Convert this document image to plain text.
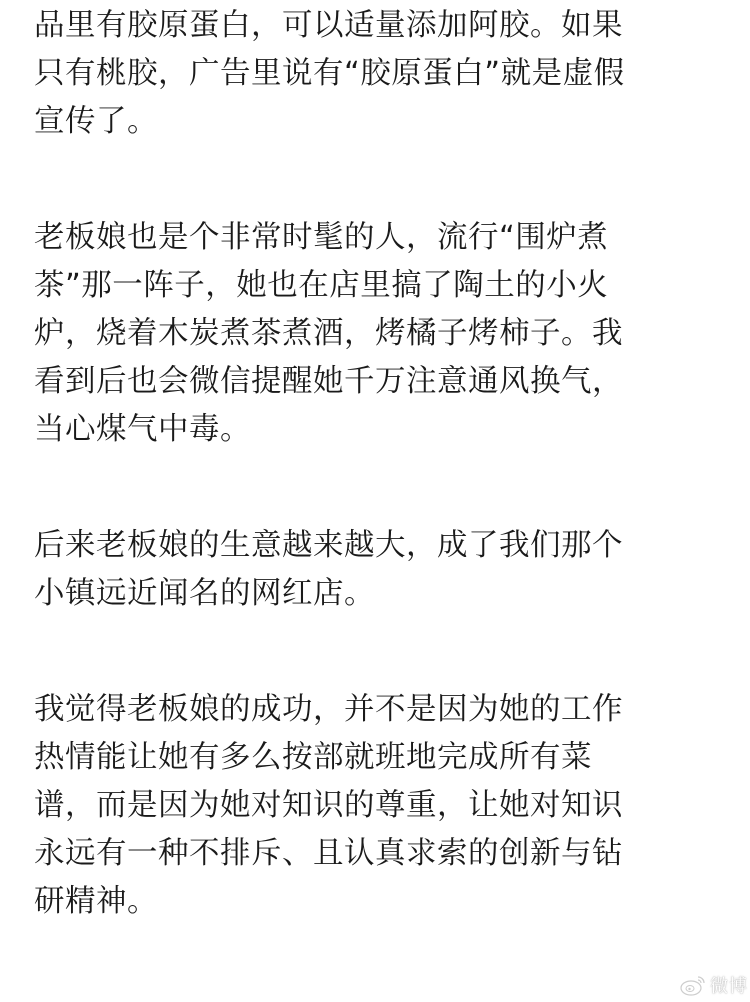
品里有胶原蛋白，可以适量添加阿胶。如果
只有桃胶，广告里说有“胶原蛋白”就是虚假
宣传了。

老板娘也是个非常时髦的人，流行“围炉煮
茶”那一阵子，她也在店里搞了陶土的小火
炉，烧着木炭煮茶煮酒，烤橘子烤柿子。我
看到后也会微信提醒她千万注意通风换气，
当心煤气中毒。

后来老板娘的生意越来越大，成了我们那个
小镇远近闻名的网红店。

我觉得老板娘的成功，并不是因为她的工作
热情能让她有多么按部就班地完成所有菜
谱，而是因为她对知识的尊重，让她对知识
永远有一种不排斥、且认真求索的创新与钻
研精神。

微博
